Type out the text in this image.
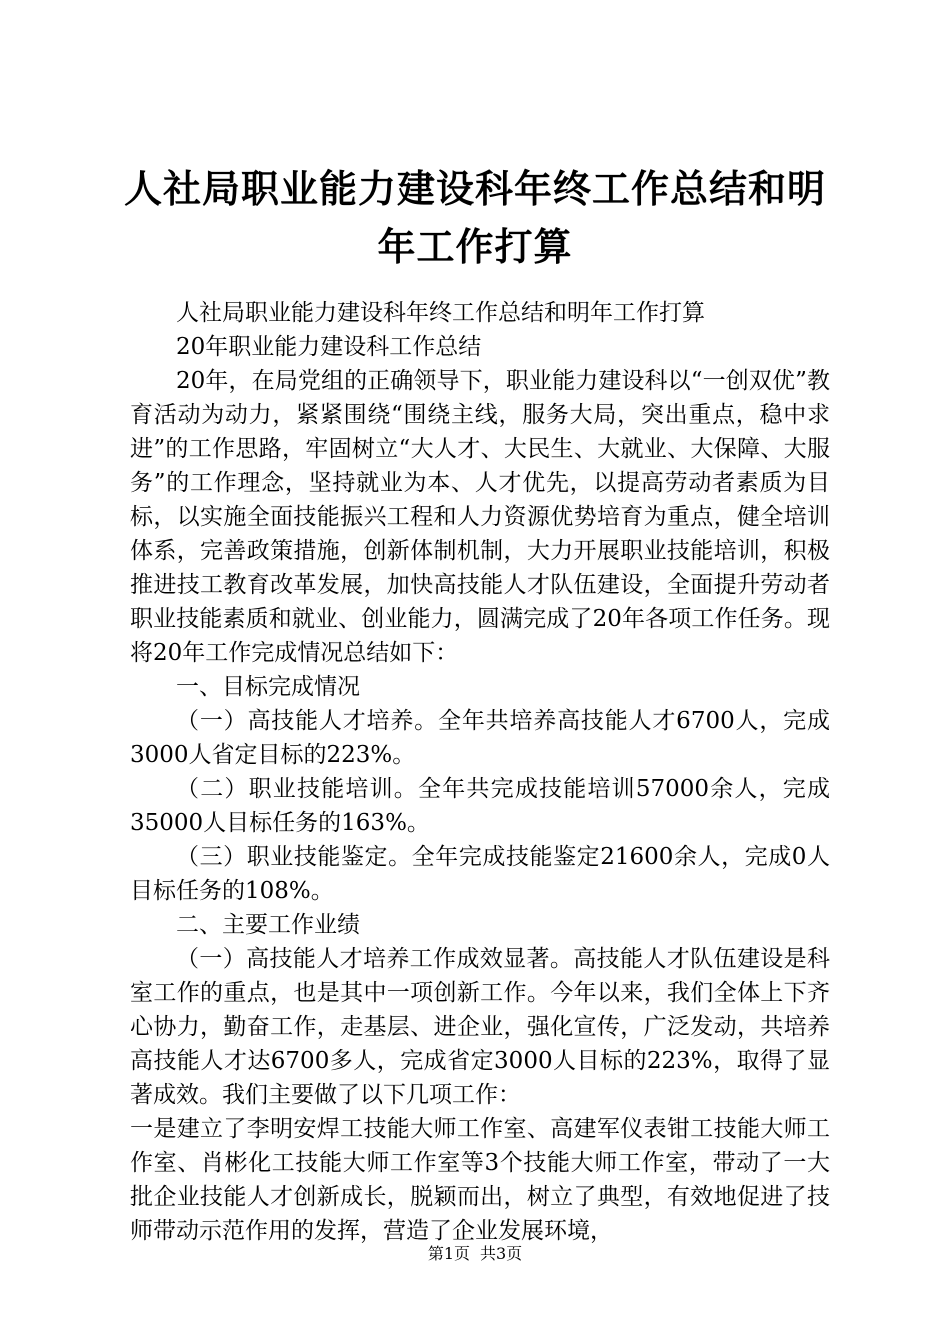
人社局职业能力建设科年终工作总结和明年工作打算

人社局职业能力建设科年终工作总结和明年工作打算

20年职业能力建设科工作总结

20年，在局党组的正确领导下，职业能力建设科以“一创双优”教育活动为动力，紧紧围绕“围绕主线，服务大局，突出重点，稳中求进”的工作思路，牢固树立“大人才、大民生、大就业、大保障、大服务”的工作理念，坚持就业为本、人才优先，以提高劳动者素质为目标，以实施全面技能振兴工程和人力资源优势培育为重点，健全培训体系，完善政策措施，创新体制机制，大力开展职业技能培训，积极推进技工教育改革发展，加快高技能人才队伍建设，全面提升劳动者职业技能素质和就业、创业能力，圆满完成了20年各项工作任务。现将20年工作完成情况总结如下：

一、目标完成情况

（一）高技能人才培养。全年共培养高技能人才6700人，完成3000人省定目标的223%。

（二）职业技能培训。全年共完成技能培训57000余人，完成35000人目标任务的163%。

（三）职业技能鉴定。全年完成技能鉴定21600余人，完成0人目标任务的108%。

二、主要工作业绩

（一）高技能人才培养工作成效显著。高技能人才队伍建设是科室工作的重点，也是其中一项创新工作。今年以来，我们全体上下齐心协力，勤奋工作，走基层、进企业，强化宣传，广泛发动，共培养高技能人才达6700多人，完成省定3000人目标的223%，取得了显著成效。我们主要做了以下几项工作：

一是建立了李明安焊工技能大师工作室、高建军仪表钳工技能大师工作室、肖彬化工技能大师工作室等3个技能大师工作室，带动了一大批企业技能人才创新成长，脱颖而出，树立了典型，有效地促进了技师带动示范作用的发挥，营造了企业发展环境，

第1页 共3页
